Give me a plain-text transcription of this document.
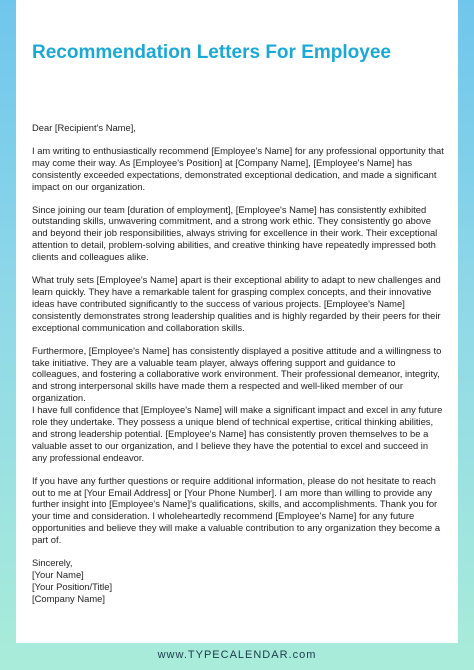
Recommendation Letters For Employee

Dear [Recipient's Name],

I am writing to enthusiastically recommend [Employee's Name] for any professional opportunity that may come their way. As [Employee's Position] at [Company Name], [Employee's Name] has consistently exceeded expectations, demonstrated exceptional dedication, and made a significant impact on our organization.

Since joining our team [duration of employment], [Employee's Name] has consistently exhibited outstanding skills, unwavering commitment, and a strong work ethic. They consistently go above and beyond their job responsibilities, always striving for excellence in their work. Their exceptional attention to detail, problem-solving abilities, and creative thinking have repeatedly impressed both clients and colleagues alike.

What truly sets [Employee's Name] apart is their exceptional ability to adapt to new challenges and learn quickly. They have a remarkable talent for grasping complex concepts, and their innovative ideas have contributed significantly to the success of various projects. [Employee's Name] consistently demonstrates strong leadership qualities and is highly regarded by their peers for their exceptional communication and collaboration skills.

Furthermore, [Employee's Name] has consistently displayed a positive attitude and a willingness to take initiative. They are a valuable team player, always offering support and guidance to colleagues, and fostering a collaborative work environment. Their professional demeanor, integrity, and strong interpersonal skills have made them a respected and well-liked member of our organization.

I have full confidence that [Employee's Name] will make a significant impact and excel in any future role they undertake. They possess a unique blend of technical expertise, critical thinking abilities, and strong leadership potential. [Employee's Name] has consistently proven themselves to be a valuable asset to our organization, and I believe they have the potential to excel and succeed in any professional endeavor.

If you have any further questions or require additional information, please do not hesitate to reach out to me at [Your Email Address] or [Your Phone Number]. I am more than willing to provide any further insight into [Employee's Name]'s qualifications, skills, and accomplishments. Thank you for your time and consideration. I wholeheartedly recommend [Employee's Name] for any future opportunities and believe they will make a valuable contribution to any organization they become a part of.

Sincerely,
[Your Name]
[Your Position/Title]
[Company Name]
www.TYPECALENDAR.com
